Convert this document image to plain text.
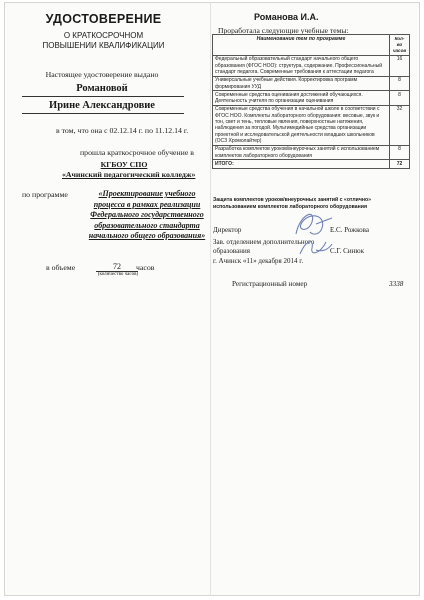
УДОСТОВЕРЕНИЕ
О КРАТКОСРОЧНОМ ПОВЫШЕНИИ КВАЛИФИКАЦИИ
Настоящее удостоверение выдано
Романовой
Ирине Александровие
в том, что она с 02.12.14 г. по 11.12.14 г.
прошла краткосрочное обучение в
КГБОУ СПО
«Ачинский педагогический колледж»
по программе	«Проектирование учебного процесса в рамках реализации Федерального государственного образовательного стандарта начального общего образования»
в объеме	72	часов
(количество часов)
Романова И.А.
Проработала следующие учебные темы:
Наименование тем по программе	Кол-во часов
Федеральный образовательный стандарт начального общего образования (ФГОС НОО): структура, содержание. Профессиональный стандарт педагога. Современные требования к аттестации педагога	16
Универсальные учебные действия. Корректировка программ формирования УУД	8
Современные средства оценивания достижений обучающихся. Деятельность учителя по организации оценивания	8
Современные средства обучения в начальной школе в соответствии с ФГОС НОО. Комплекты лабораторного оборудования: весовые, звук и тон, свет и тень, тепловые явления, поверхностные натяжения, наблюдения за погодой. Мультимедийные средства организации проектной и исследовательской деятельности младших школьников (ОСЗ Хромолайтер)	32
Разработка комплектов уроков/внеурочных занятий с использованием комплектов лабораторного оборудования	8
ИТОГО:	72
Защита комплектов уроков/внеурочных занятий с «отлично» использованием комплектов лабораторного оборудования
Директор	Е.С. Рожкова
Зав. отделением дополнительного образования	С.Г. Синюк
г. Ачинск «11» декабря 2014 г.
Регистрационный номер	3338
